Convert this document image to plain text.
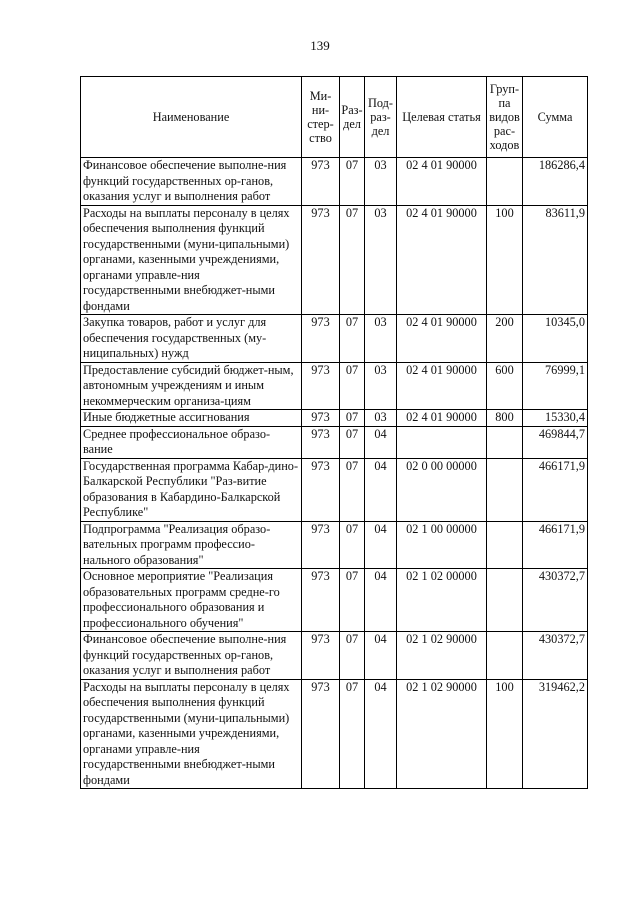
139
Наименование	Ми-ни-стер-ство	Раз-дел	Под-раз-дел	Целевая статья	Груп-па видов рас-ходов	Сумма
Финансовое обеспечение выполне-ния функций государственных ор-ганов, оказания услуг и выполнения работ	973	07	03	02 4 01 90000		186286,4
Расходы на выплаты персоналу в целях обеспечения выполнения функций государственными (муни-ципальными) органами, казенными учреждениями, органами управле-ния государственными внебюджет-ными фондами	973	07	03	02 4 01 90000	100	83611,9
Закупка товаров, работ и услуг для обеспечения государственных (му-ниципальных) нужд	973	07	03	02 4 01 90000	200	10345,0
Предоставление субсидий бюджет-ным, автономным учреждениям и иным некоммерческим организа-циям	973	07	03	02 4 01 90000	600	76999,1
Иные бюджетные ассигнования	973	07	03	02 4 01 90000	800	15330,4
Среднее профессиональное образо-вание	973	07	04			469844,7
Государственная программа Кабар-дино-Балкарской Республики "Раз-витие образования в Кабардино-Балкарской Республике"	973	07	04	02 0 00 00000		466171,9
Подпрограмма "Реализация образо-вательных программ профессио-нального образования"	973	07	04	02 1 00 00000		466171,9
Основное мероприятие "Реализация образовательных программ средне-го профессионального образования и профессионального обучения"	973	07	04	02 1 02 00000		430372,7
Финансовое обеспечение выполне-ния функций государственных ор-ганов, оказания услуг и выполнения работ	973	07	04	02 1 02 90000		430372,7
Расходы на выплаты персоналу в целях обеспечения выполнения функций государственными (муни-ципальными) органами, казенными учреждениями, органами управле-ния государственными внебюджет-ными фондами	973	07	04	02 1 02 90000	100	319462,2
